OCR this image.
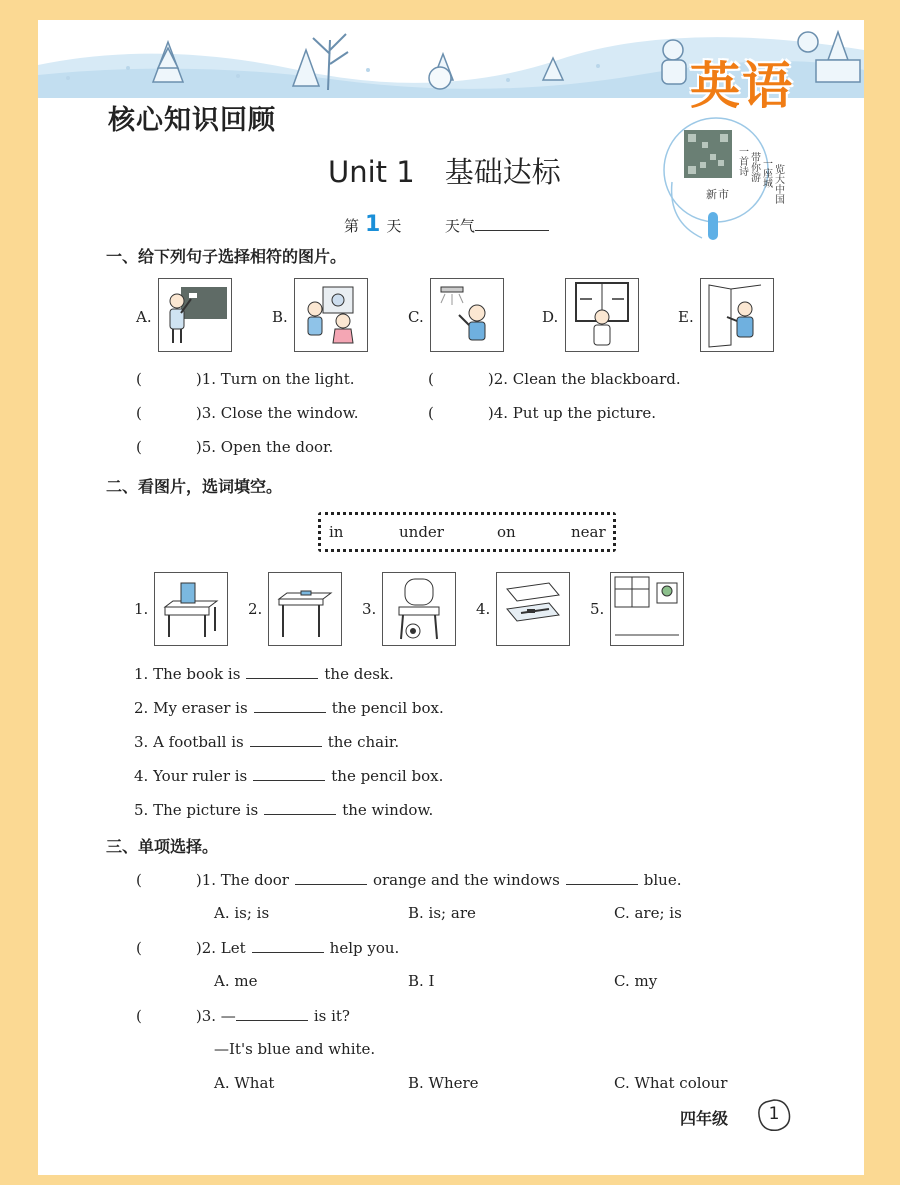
英语
核心知识回顾
Unit 1 基础达标
新 市
一首诗 带你游 一座城 览大中国
第 1 天	天气
一、给下列句子选择相符的图片。
A.	B.	C.	D.	E.
(	)1. Turn on the light.	(	)2. Clean the blackboard.
(	)3. Close the window.	(	)4. Put up the picture.
(	)5. Open the door.
二、看图片，选词填空。
in	under	on	near
1.	2.	3.	4.	5.
1. The book is	the desk.
2. My eraser is	the pencil box.
3. A football is	the chair.
4. Your ruler is	the pencil box.
5. The picture is	the window.
三、单项选择。
(	)1. The door	orange and the windows	blue.
A. is; is	B. is; are	C. are; is
(	)2. Let	help you.
A. me	B. I	C. my
(	)3. —	is it?
—It's blue and white.
A. What	B. Where	C. What colour
四年级	1
